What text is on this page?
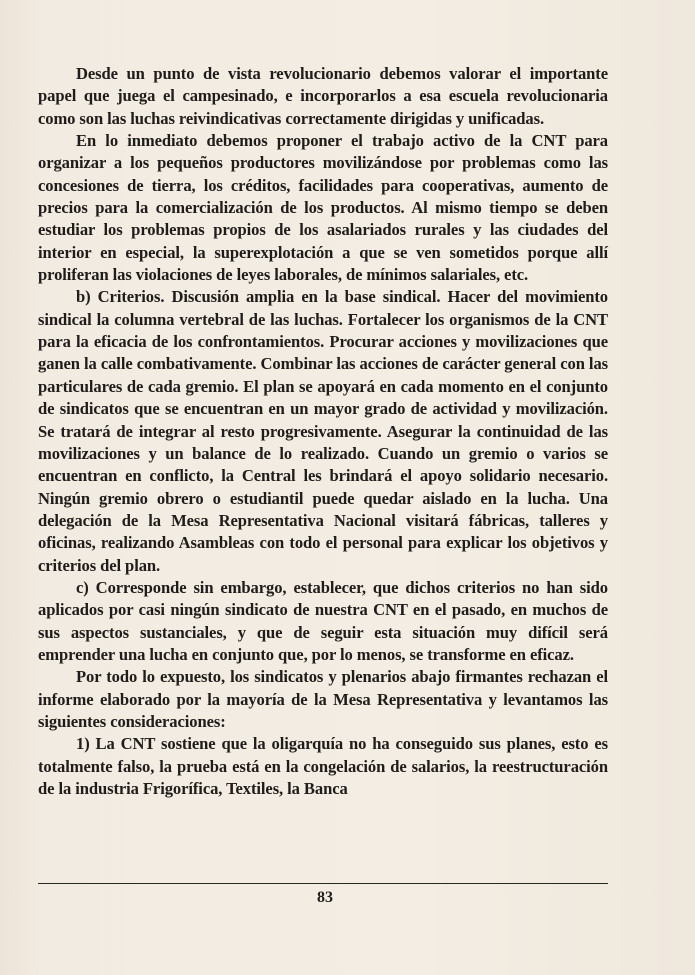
Desde un punto de vista revolucionario debemos valorar el importante papel que juega el campesinado, e incorporarlos a esa escuela revolucionaria como son las luchas reivindicativas correctamente dirigidas y unificadas.

En lo inmediato debemos proponer el trabajo activo de la CNT para organizar a los pequeños productores movilizándose por problemas como las concesiones de tierra, los créditos, facilidades para cooperativas, aumento de precios para la comercialización de los productos. Al mismo tiempo se deben estudiar los problemas propios de los asalariados rurales y las ciudades del interior en especial, la superexplotación a que se ven sometidos porque allí proliferan las violaciones de leyes laborales, de mínimos salariales, etc.

b) Criterios. Discusión amplia en la base sindical. Hacer del movimiento sindical la columna vertebral de las luchas. Fortalecer los organismos de la CNT para la eficacia de los confrontamientos. Procurar acciones y movilizaciones que ganen la calle combativamente. Combinar las acciones de carácter general con las particulares de cada gremio. El plan se apoyará en cada momento en el conjunto de sindicatos que se encuentran en un mayor grado de actividad y movilización. Se tratará de integrar al resto progresivamente. Asegurar la continuidad de las movilizaciones y un balance de lo realizado. Cuando un gremio o varios se encuentran en conflicto, la Central les brindará el apoyo solidario necesario. Ningún gremio obrero o estudiantil puede quedar aislado en la lucha. Una delegación de la Mesa Representativa Nacional visitará fábricas, talleres y oficinas, realizando Asambleas con todo el personal para explicar los objetivos y criterios del plan.

c) Corresponde sin embargo, establecer, que dichos criterios no han sido aplicados por casi ningún sindicato de nuestra CNT en el pasado, en muchos de sus aspectos sustanciales, y que de seguir esta situación muy difícil será emprender una lucha en conjunto que, por lo menos, se transforme en eficaz.

Por todo lo expuesto, los sindicatos y plenarios abajo firmantes rechazan el informe elaborado por la mayoría de la Mesa Representativa y levantamos las siguientes consideraciones:

1) La CNT sostiene que la oligarquía no ha conseguido sus planes, esto es totalmente falso, la prueba está en la congelación de salarios, la reestructuración de la industria Frigorífica, Textiles, la Banca

83
